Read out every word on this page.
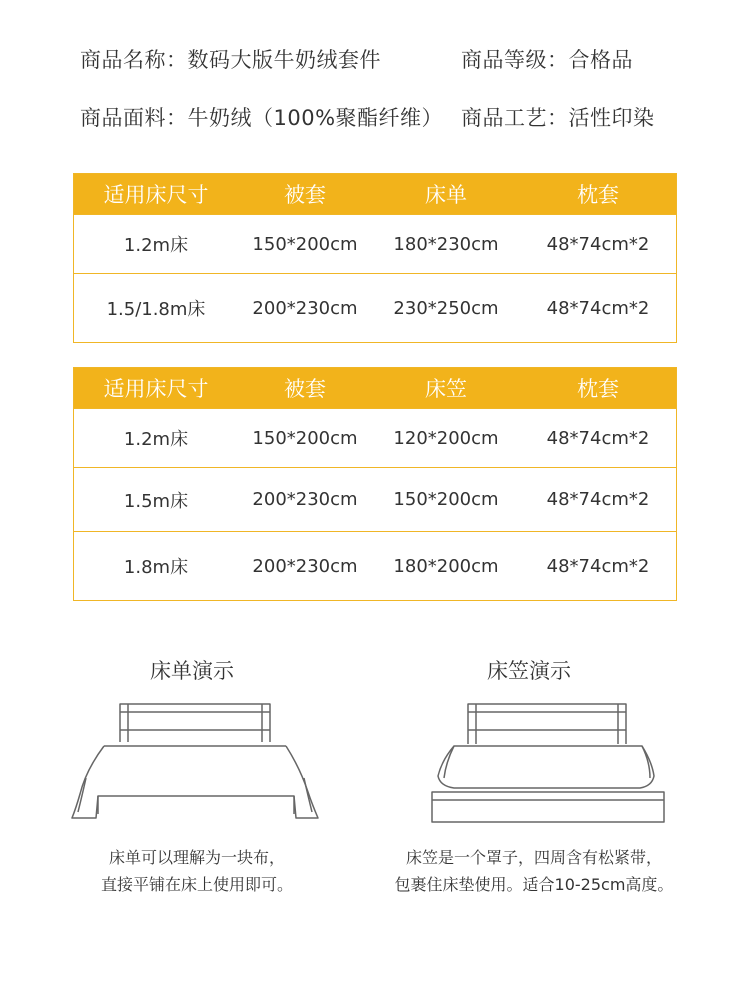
商品名称：数码大版牛奶绒套件	商品等级：合格品
商品面料：牛奶绒（100%聚酯纤维） 商品工艺：活性印染
适用床尺寸	被套	床单	枕套
1.2m床	150*200cm	180*230cm	48*74cm*2
1.5/1.8m床	200*230cm	230*250cm	48*74cm*2
适用床尺寸	被套	床笠	枕套
1.2m床	150*200cm	120*200cm	48*74cm*2
1.5m床	200*230cm	150*200cm	48*74cm*2
1.8m床	200*230cm	180*200cm	48*74cm*2
床单演示	床笠演示
床单可以理解为一块布，
直接平铺在床上使用即可。
床笠是一个罩子，四周含有松紧带，
包裹住床垫使用。适合10-25cm高度。
